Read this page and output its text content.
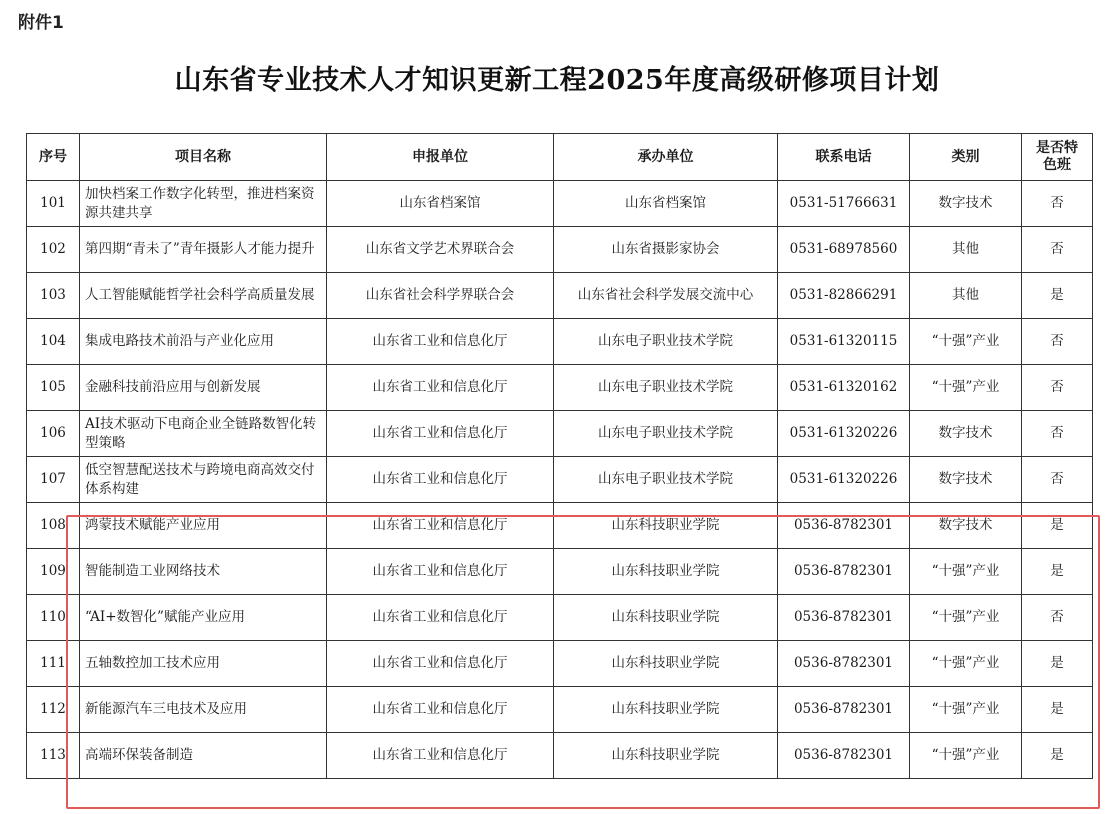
附件1
山东省专业技术人才知识更新工程2025年度高级研修项目计划
序号	项目名称	申报单位	承办单位	联系电话	类别	是否特色班
101	加快档案工作数字化转型，推进档案资源共建共享	山东省档案馆	山东省档案馆	0531-51766631	数字技术	否
102	第四期“青未了”青年摄影人才能力提升	山东省文学艺术界联合会	山东省摄影家协会	0531-68978560	其他	否
103	人工智能赋能哲学社会科学高质量发展	山东省社会科学界联合会	山东省社会科学发展交流中心	0531-82866291	其他	是
104	集成电路技术前沿与产业化应用	山东省工业和信息化厅	山东电子职业技术学院	0531-61320115	“十强”产业	否
105	金融科技前沿应用与创新发展	山东省工业和信息化厅	山东电子职业技术学院	0531-61320162	“十强”产业	否
106	AI技术驱动下电商企业全链路数智化转型策略	山东省工业和信息化厅	山东电子职业技术学院	0531-61320226	数字技术	否
107	低空智慧配送技术与跨境电商高效交付体系构建	山东省工业和信息化厅	山东电子职业技术学院	0531-61320226	数字技术	否
108	鸿蒙技术赋能产业应用	山东省工业和信息化厅	山东科技职业学院	0536-8782301	数字技术	是
109	智能制造工业网络技术	山东省工业和信息化厅	山东科技职业学院	0536-8782301	“十强”产业	是
110	“AI+数智化”赋能产业应用	山东省工业和信息化厅	山东科技职业学院	0536-8782301	“十强”产业	否
111	五轴数控加工技术应用	山东省工业和信息化厅	山东科技职业学院	0536-8782301	“十强”产业	是
112	新能源汽车三电技术及应用	山东省工业和信息化厅	山东科技职业学院	0536-8782301	“十强”产业	是
113	高端环保装备制造	山东省工业和信息化厅	山东科技职业学院	0536-8782301	“十强”产业	是
